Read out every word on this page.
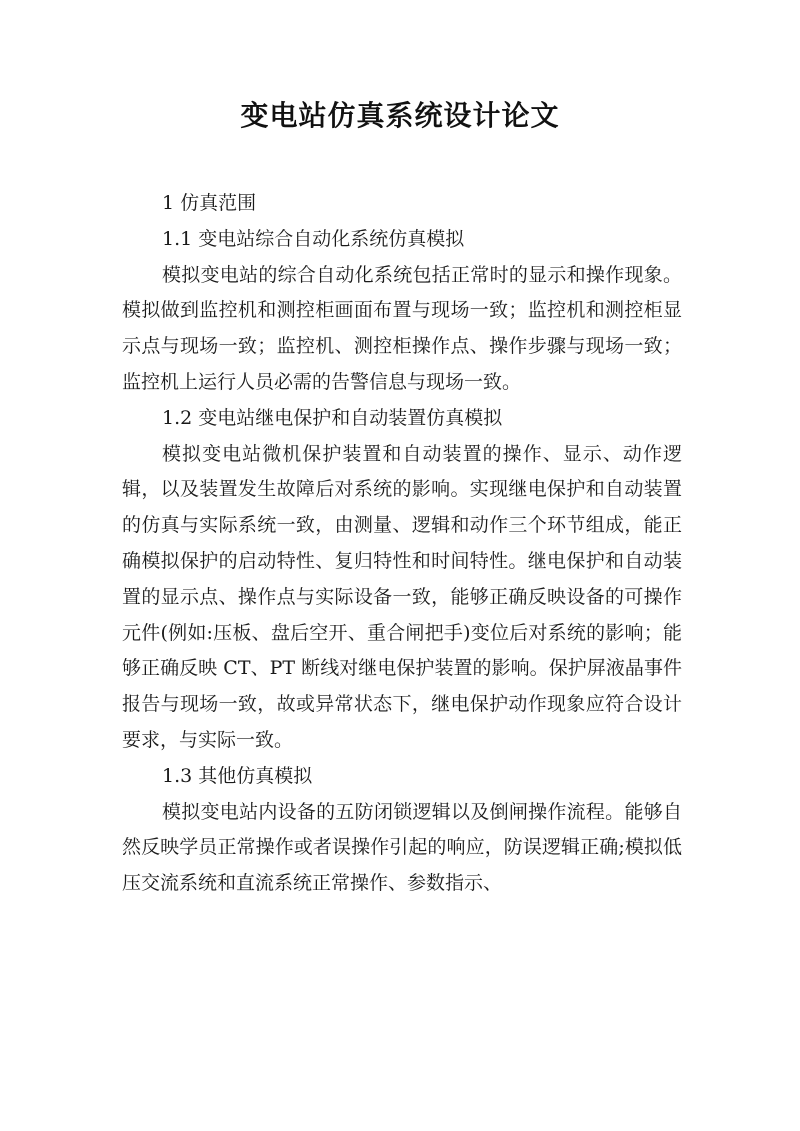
变电站仿真系统设计论文

1 仿真范围

1.1 变电站综合自动化系统仿真模拟

模拟变电站的综合自动化系统包括正常时的显示和操作现象。模拟做到监控机和测控柜画面布置与现场一致；监控机和测控柜显示点与现场一致；监控机、测控柜操作点、操作步骤与现场一致；监控机上运行人员必需的告警信息与现场一致。

1.2 变电站继电保护和自动装置仿真模拟

模拟变电站微机保护装置和自动装置的操作、显示、动作逻辑，以及装置发生故障后对系统的影响。实现继电保护和自动装置的仿真与实际系统一致，由测量、逻辑和动作三个环节组成，能正确模拟保护的启动特性、复归特性和时间特性。继电保护和自动装置的显示点、操作点与实际设备一致，能够正确反映设备的可操作元件(例如:压板、盘后空开、重合闸把手)变位后对系统的影响；能够正确反映 CT、PT 断线对继电保护装置的影响。保护屏液晶事件报告与现场一致，故或异常状态下，继电保护动作现象应符合设计要求，与实际一致。

1.3 其他仿真模拟

模拟变电站内设备的五防闭锁逻辑以及倒闸操作流程。能够自然反映学员正常操作或者误操作引起的响应，防误逻辑正确;模拟低压交流系统和直流系统正常操作、参数指示、
